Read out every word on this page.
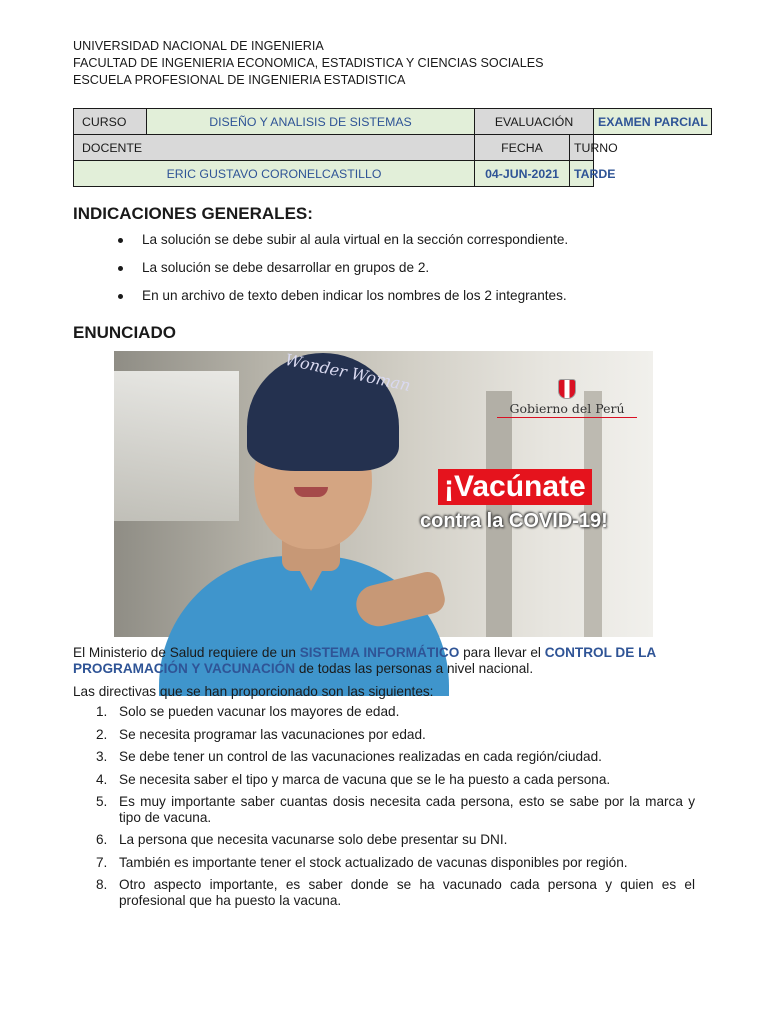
UNIVERSIDAD NACIONAL DE INGENIERIA
FACULTAD DE INGENIERIA ECONOMICA, ESTADISTICA Y CIENCIAS SOCIALES
ESCUELA PROFESIONAL DE INGENIERIA ESTADISTICA
CURSO	DISEÑO Y ANALISIS DE SISTEMAS	EVALUACIÓN		EXAMEN PARCIAL
DOCENTE		FECHA	TURNO	
ERIC GUSTAVO CORONELCASTILLO		04-JUN-2021	TARDE	
INDICACIONES GENERALES:
La solución se debe subir al aula virtual en la sección correspondiente.
La solución se debe desarrollar en grupos de 2.
En un archivo de texto deben indicar los nombres de los 2 integrantes.
ENUNCIADO
Wonder Woman
Gobierno del Perú
¡Vacúnate
contra la COVID-19!
El Ministerio de Salud requiere de un SISTEMA INFORMÁTICO para llevar el CONTROL DE LA PROGRAMACIÓN Y VACUNACIÓN de todas las personas a nivel nacional.
Las directivas que se han proporcionado son las siguientes:
1. Solo se pueden vacunar los mayores de edad.
2. Se necesita programar las vacunaciones por edad.
3. Se debe tener un control de las vacunaciones realizadas en cada región/ciudad.
4. Se necesita saber el tipo y marca de vacuna que se le ha puesto a cada persona.
5. Es muy importante saber cuantas dosis necesita cada persona, esto se sabe por la marca y tipo de vacuna.
6. La persona que necesita vacunarse solo debe presentar su DNI.
7. También es importante tener el stock actualizado de vacunas disponibles por región.
8. Otro aspecto importante, es saber donde se ha vacunado cada persona y quien es el profesional que ha puesto la vacuna.
